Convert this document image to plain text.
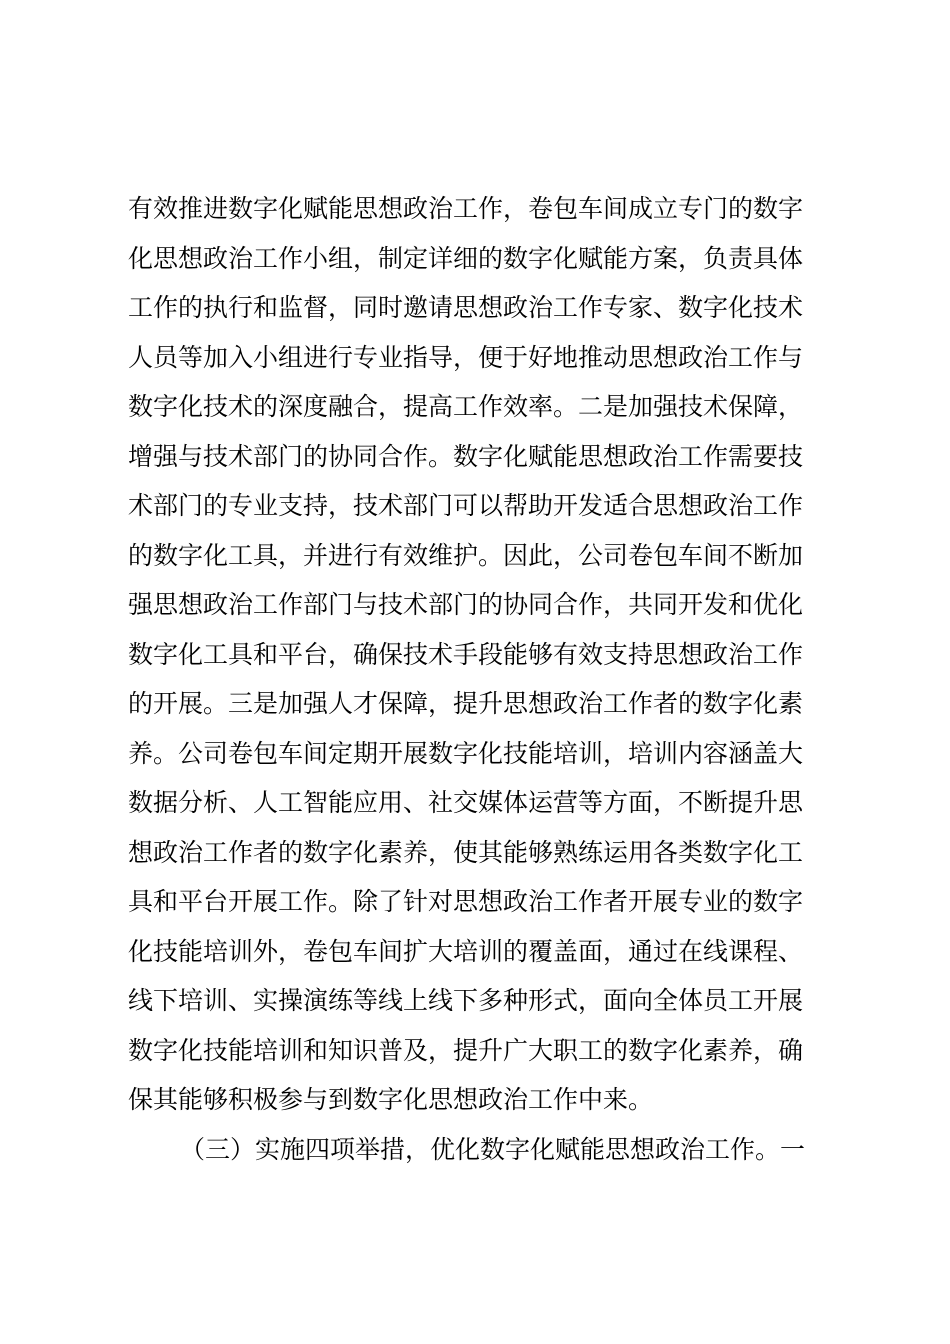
有效推进数字化赋能思想政治工作，卷包车间成立专门的数字
化思想政治工作小组，制定详细的数字化赋能方案，负责具体
工作的执行和监督，同时邀请思想政治工作专家、数字化技术
人员等加入小组进行专业指导，便于好地推动思想政治工作与
数字化技术的深度融合，提高工作效率。二是加强技术保障，
增强与技术部门的协同合作。数字化赋能思想政治工作需要技
术部门的专业支持，技术部门可以帮助开发适合思想政治工作
的数字化工具，并进行有效维护。因此，公司卷包车间不断加
强思想政治工作部门与技术部门的协同合作，共同开发和优化
数字化工具和平台，确保技术手段能够有效支持思想政治工作
的开展。三是加强人才保障，提升思想政治工作者的数字化素
养。公司卷包车间定期开展数字化技能培训，培训内容涵盖大
数据分析、人工智能应用、社交媒体运营等方面，不断提升思
想政治工作者的数字化素养，使其能够熟练运用各类数字化工
具和平台开展工作。除了针对思想政治工作者开展专业的数字
化技能培训外，卷包车间扩大培训的覆盖面，通过在线课程、
线下培训、实操演练等线上线下多种形式，面向全体员工开展
数字化技能培训和知识普及，提升广大职工的数字化素养，确
保其能够积极参与到数字化思想政治工作中来。
（三）实施四项举措，优化数字化赋能思想政治工作。一
